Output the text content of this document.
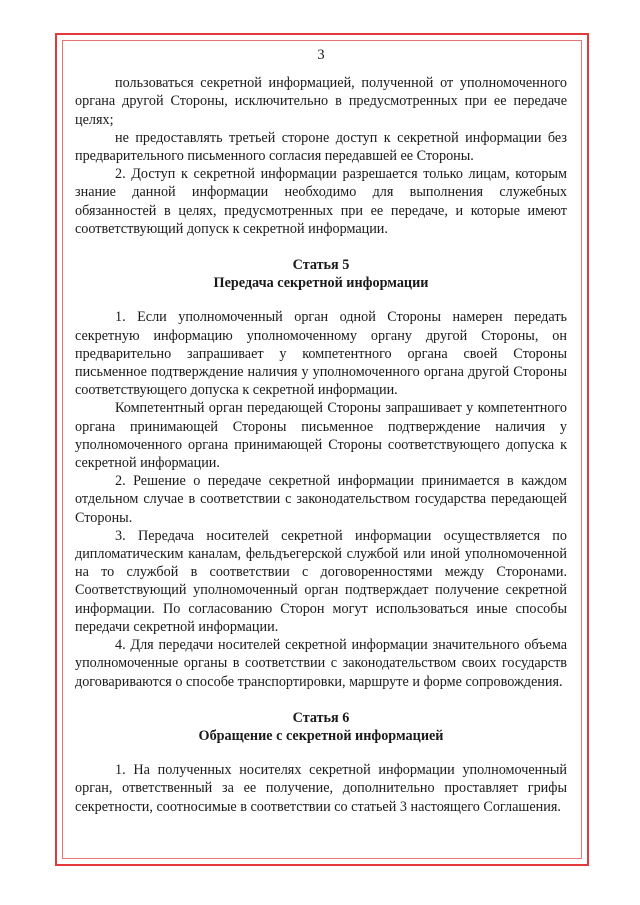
3

пользоваться секретной информацией, полученной от уполномоченного органа другой Стороны, исключительно в предусмотренных при ее передаче целях;

не предоставлять третьей стороне доступ к секретной информации без предварительного письменного согласия передавшей ее Стороны.

2. Доступ к секретной информации разрешается только лицам, которым знание данной информации необходимо для выполнения служебных обязанностей в целях, предусмотренных при ее передаче, и которые имеют соответствующий допуск к секретной информации.

Статья 5
Передача секретной информации

1. Если уполномоченный орган одной Стороны намерен передать секретную информацию уполномоченному органу другой Стороны, он предварительно запрашивает у компетентного органа своей Стороны письменное подтверждение наличия у уполномоченного органа другой Стороны соответствующего допуска к секретной информации.

Компетентный орган передающей Стороны запрашивает у компетентного органа принимающей Стороны письменное подтверждение наличия у уполномоченного органа принимающей Стороны соответствующего допуска к секретной информации.

2. Решение о передаче секретной информации принимается в каждом отдельном случае в соответствии с законодательством государства передающей Стороны.

3. Передача носителей секретной информации осуществляется по дипломатическим каналам, фельдъегерской службой или иной уполномоченной на то службой в соответствии с договоренностями между Сторонами. Соответствующий уполномоченный орган подтверждает получение секретной информации. По согласованию Сторон могут использоваться иные способы передачи секретной информации.

4. Для передачи носителей секретной информации значительного объема уполномоченные органы в соответствии с законодательством своих государств договариваются о способе транспортировки, маршруте и форме сопровождения.

Статья 6
Обращение с секретной информацией

1. На полученных носителях секретной информации уполномоченный орган, ответственный за ее получение, дополнительно проставляет грифы секретности, соотносимые в соответствии со статьей 3 настоящего Соглашения.
